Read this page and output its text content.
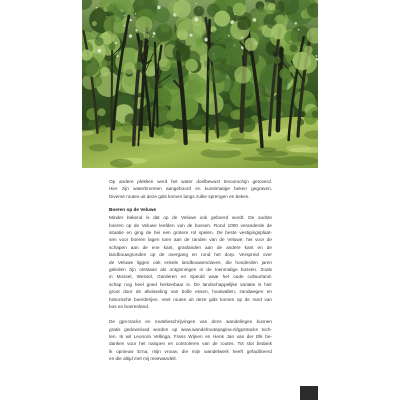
Op andere plekken werd het water doelbewust tevoorschijn getoverd.
Hier zijn waterbronnen aangeboord en kunstmatige beken gegraven.
Diverse routes uit deze gids komen langs zulke sprengen en beken.
Boeren op de Veluwe
Minder bekend is dat op de Veluwe ook geboerd wordt. De oudste
boeren op de Veluwe leefden van de bossen. Rond 1000 veranderde de
situatie en ging de hei een grotere rol spelen. De beste vestigingsplaat-
sen voor boeren lagen toen aan de randen van de Veluwe: hei voor de
schapen aan de ene kant, graslanden aan de andere kant en de
landbouwgronden op de overgang en rond het dorp. Verspreid over
de Veluwe liggen ook enkele landbouwenclaves, die honderden jaren
geleden zijn ontstaan als ontginningen in de toenmalige bossen. Zoals
in Mossel, Wessel, Garderen en Speuld waar het oude cultuurland-
schap nog heel goed herkenbaar is. De landschappelijke variatie is hier
groot door de afwisseling van bolle essen, houtwallen, zandwegen en
historische boerderijen. Veel routes uit deze gids komen op de rand van
bos en boerenland.
De gps-tracks en routebeschrijvingen van deze wandelingen kunnen
gratis gedownload worden op www.wandelroutepagina.nl/gpstracks toch-
ten. Ik wil Leonora Vellinga, Frans Wijnen en Henk Jan van der Elk be-
danken voor het nalopen en controleren van de routes. Tot slot bedank
ik opnieuw Erna, mijn vrouw, die mijn wandelwerk heeft gefaciliteerd
en die altijd met mij meewandelt.
